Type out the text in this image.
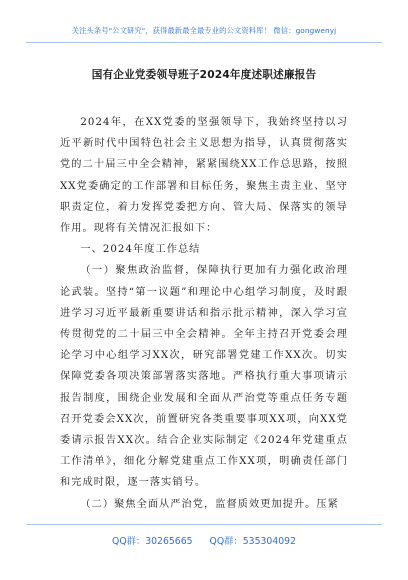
关注头条号"公文研究"，获得最新最全最专业的公文资料库！ 微信：gongwenyj
国有企业党委领导班子2024年度述职述廉报告

2024年，在XX党委的坚强领导下，我始终坚持以习近平新时代中国特色社会主义思想为指导，认真贯彻落实党的二十届三中全会精神，紧紧围绕XX工作总思路，按照XX党委确定的工作部署和目标任务，聚焦主责主业、坚守职责定位，着力发挥党委把方向、管大局、保落实的领导作用。现将有关情况汇报如下：

一、2024年度工作总结

（一）聚焦政治监督，保障执行更加有力强化政治理论武装。坚持“第一议题”和理论中心组学习制度，及时跟进学习习近平最新重要讲话和指示批示精神，深入学习宣传贯彻党的二十届三中全会精神。全年主持召开党委会理论学习中心组学习XX次，研究部署党建工作XX次。切实保障党委各项决策部署落实落地。严格执行重大事项请示报告制度，围绕企业发展和全面从严治党等重点任务专题召开党委会XX次，前置研究各类重要事项XX项，向XX党委请示报告XX次。结合企业实际制定《2024年党建重点工作清单》，细化分解党建重点工作XX项，明确责任部门和完成时限，逐一落实销号。

（二）聚焦全面从严治党，监督质效更加提升。压紧

QQ群：30265665 QQ群：535304092
